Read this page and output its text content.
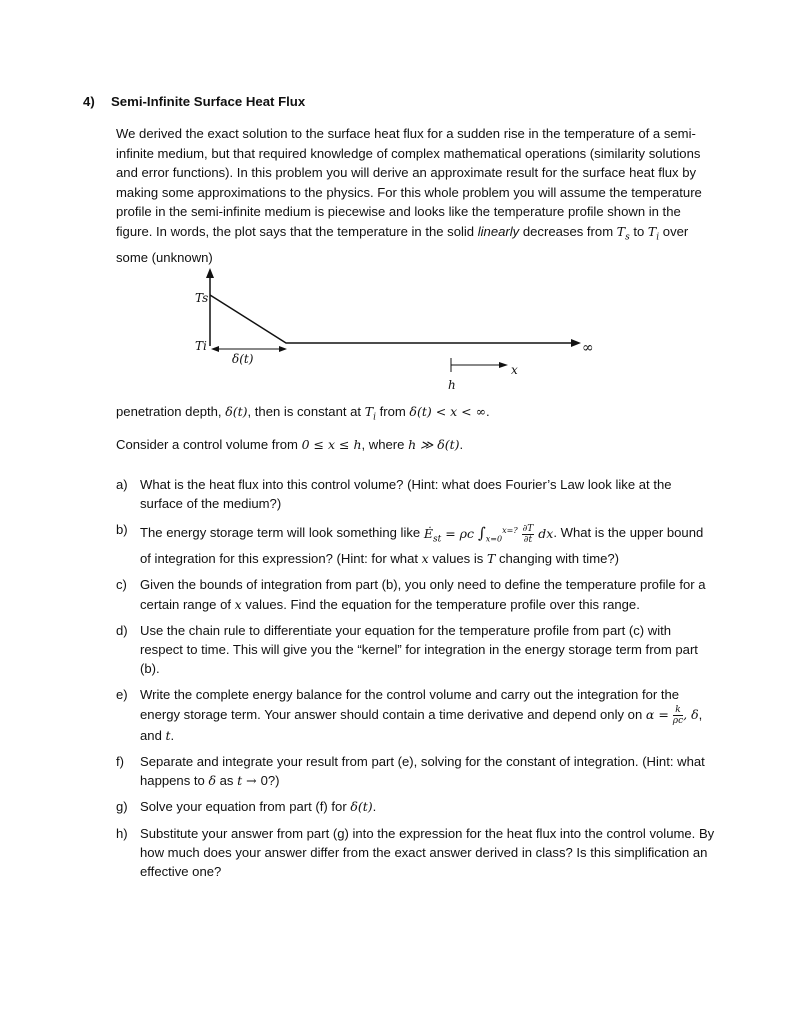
4) Semi-Infinite Surface Heat Flux

We derived the exact solution to the surface heat flux for a sudden rise in the temperature of a semi-infinite medium, but that required knowledge of complex mathematical operations (similarity solutions and error functions). In this problem you will derive an approximate result for the surface heat flux by making some approximations to the physics. For this whole problem you will assume the temperature profile in the semi-infinite medium is piecewise and looks like the temperature profile shown in the figure. In words, the plot says that the temperature in the solid linearly decreases from $T_s$ to $T_i$ over some (unknown)

Ts
Ti
δ(t)
x
h
∞
penetration depth, δ(t), then is constant at $T_i$ from δ(t) < x < ∞.
Consider a control volume from 0 ≤ x ≤ h, where h ≫ δ(t).
a) What is the heat flux into this control volume? (Hint: what does Fourier’s Law look like at the surface of the medium?)
b) The energy storage term will look something like $Ė_{st} = \rho c$ $\int_{x=0}^{x=?} \frac{\partial T}{\partial t}$ dx. What is the upper bound of integration for this expression? (Hint: for what x values is T changing with time?)
c) Given the bounds of integration from part (b), you only need to define the temperature profile for a certain range of x values. Find the equation for the temperature profile over this range.
d) Use the chain rule to differentiate your equation for the temperature profile from part (c) with respect to time. This will give you the “kernel” for integration in the energy storage term from part (b).
e) Write the complete energy balance for the control volume and carry out the integration for the energy storage term. Your answer should contain a time derivative and depend only on $\alpha = \frac{k}{\rho c}$ , δ, and t.
f) Separate and integrate your result from part (e), solving for the constant of integration. (Hint: what happens to δ as t → 0?)
g) Solve your equation from part (f) for δ(t).
h) Substitute your answer from part (g) into the expression for the heat flux into the control volume. By how much does your answer differ from the exact answer derived in class? Is this simplification an effective one?
